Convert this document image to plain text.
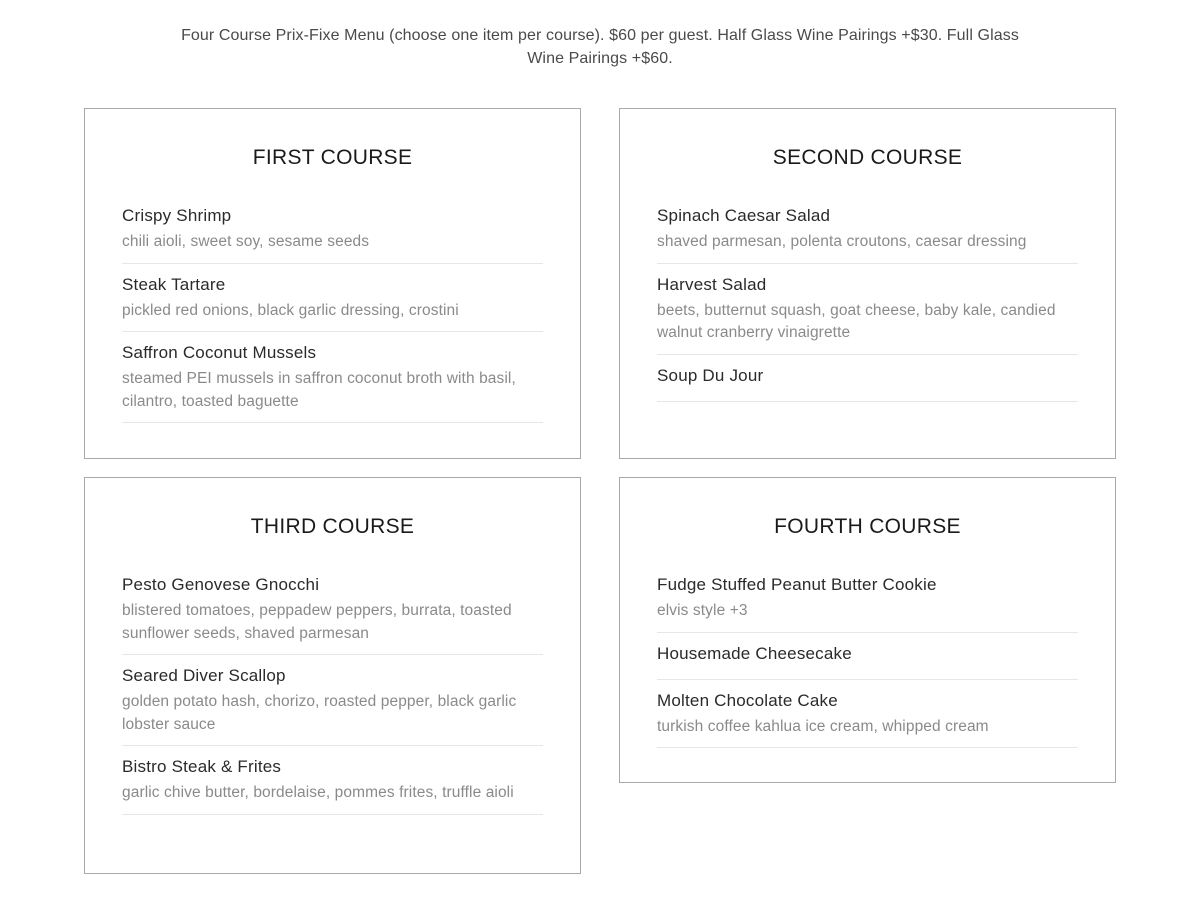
Four Course Prix-Fixe Menu (choose one item per course). $60 per guest. Half Glass Wine Pairings +$30. Full Glass Wine Pairings +$60.
FIRST COURSE
Crispy Shrimp
chili aioli, sweet soy, sesame seeds
Steak Tartare
pickled red onions, black garlic dressing, crostini
Saffron Coconut Mussels
steamed PEI mussels in saffron coconut broth with basil, cilantro, toasted baguette
SECOND COURSE
Spinach Caesar Salad
shaved parmesan, polenta croutons, caesar dressing
Harvest Salad
beets, butternut squash, goat cheese, baby kale, candied walnut cranberry vinaigrette
Soup Du Jour
THIRD COURSE
Pesto Genovese Gnocchi
blistered tomatoes, peppadew peppers, burrata, toasted sunflower seeds, shaved parmesan
Seared Diver Scallop
golden potato hash, chorizo, roasted pepper, black garlic lobster sauce
Bistro Steak & Frites
garlic chive butter, bordelaise, pommes frites, truffle aioli
FOURTH COURSE
Fudge Stuffed Peanut Butter Cookie
elvis style +3
Housemade Cheesecake
Molten Chocolate Cake
turkish coffee kahlua ice cream, whipped cream
